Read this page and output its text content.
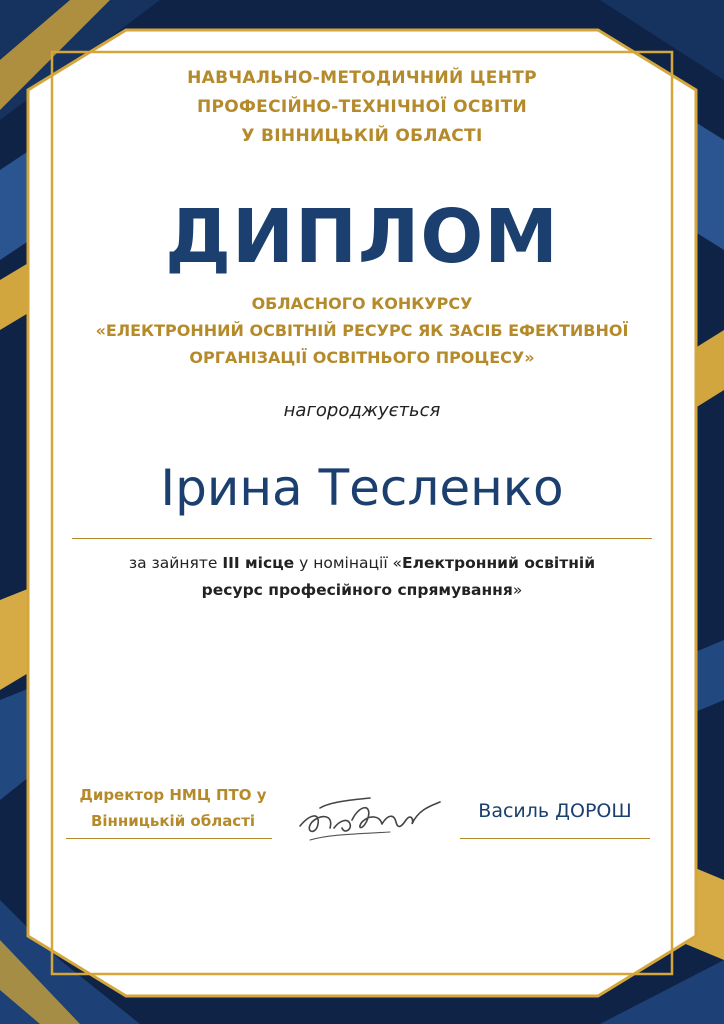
НАВЧАЛЬНО-МЕТОДИЧНИЙ ЦЕНТР
ПРОФЕСІЙНО-ТЕХНІЧНОЇ ОСВІТИ
У ВІННИЦЬКІЙ ОБЛАСТІ
ДИПЛОМ
ОБЛАСНОГО КОНКУРСУ
«ЕЛЕКТРОННИЙ ОСВІТНІЙ РЕСУРС ЯК ЗАСІБ ЕФЕКТИВНОЇ
ОРГАНІЗАЦІЇ ОСВІТНЬОГО ПРОЦЕСУ»
нагороджується
Ірина Тесленко
за зайняте III місце у номінації «Електронний освітній
ресурс професійного спрямування»
Директор НМЦ ПТО у
Вінницькій області	Василь ДОРОШ
